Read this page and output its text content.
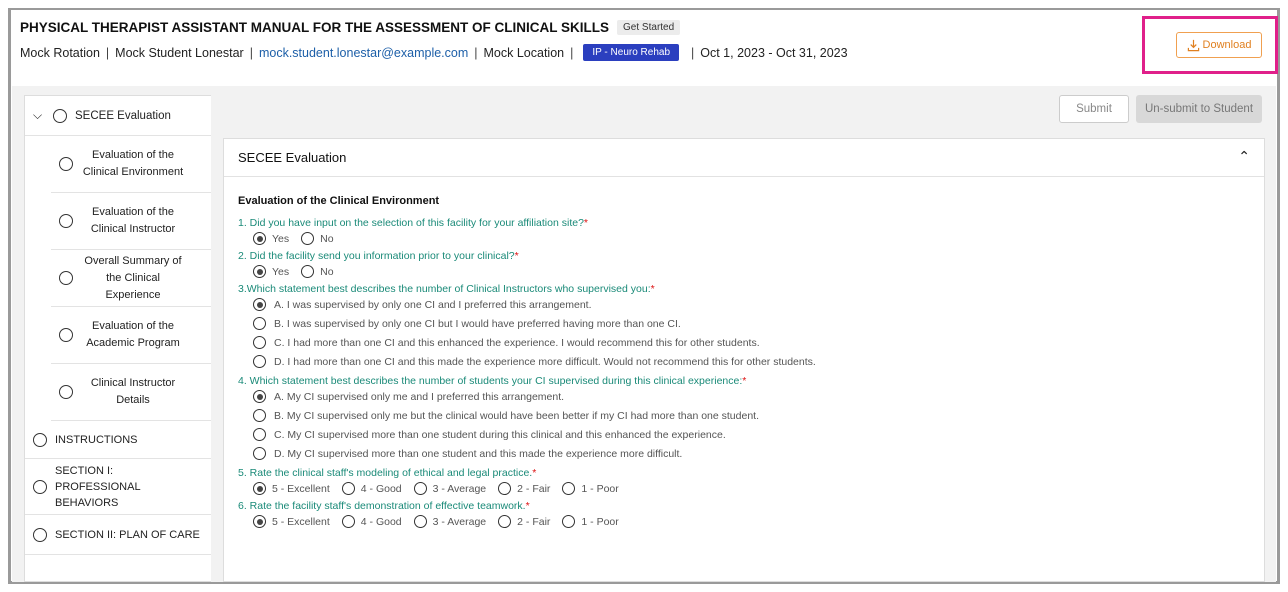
PHYSICAL THERAPIST ASSISTANT MANUAL FOR THE ASSESSMENT OF CLINICAL SKILLS	Get Started
Mock Rotation | Mock Student Lonestar | mock.student.lonestar@example.com | Mock Location |	IP - Neuro Rehab	| Oct 1, 2023 - Oct 31, 2023
Download
Submit	Un-submit to Student
⌵	SECEE Evaluation
Evaluation of the Clinical Environment
Evaluation of the Clinical Instructor
Overall Summary of the Clinical Experience
Evaluation of the Academic Program
Clinical Instructor Details
INSTRUCTIONS
SECTION I: PROFESSIONAL BEHAVIORS
SECTION II: PLAN OF CARE
SECEE Evaluation	⌃
Evaluation of the Clinical Environment
1. Did you have input on the selection of this facility for your affiliation site?*
Yes	No
2. Did the facility send you information prior to your clinical?*
Yes	No
3.Which statement best describes the number of Clinical Instructors who supervised you:*
A. I was supervised by only one CI and I preferred this arrangement.
B. I was supervised by only one CI but I would have preferred having more than one CI.
C. I had more than one CI and this enhanced the experience. I would recommend this for other students.
D. I had more than one CI and this made the experience more difficult. Would not recommend this for other students.
4. Which statement best describes the number of students your CI supervised during this clinical experience:*
A. My CI supervised only me and I preferred this arrangement.
B. My CI supervised only me but the clinical would have been better if my CI had more than one student.
C. My CI supervised more than one student during this clinical and this enhanced the experience.
D. My CI supervised more than one student and this made the experience more difficult.
5. Rate the clinical staff's modeling of ethical and legal practice.*
5 - Excellent	4 - Good	3 - Average	2 - Fair	1 - Poor
6. Rate the facility staff's demonstration of effective teamwork.*
5 - Excellent	4 - Good	3 - Average	2 - Fair	1 - Poor
